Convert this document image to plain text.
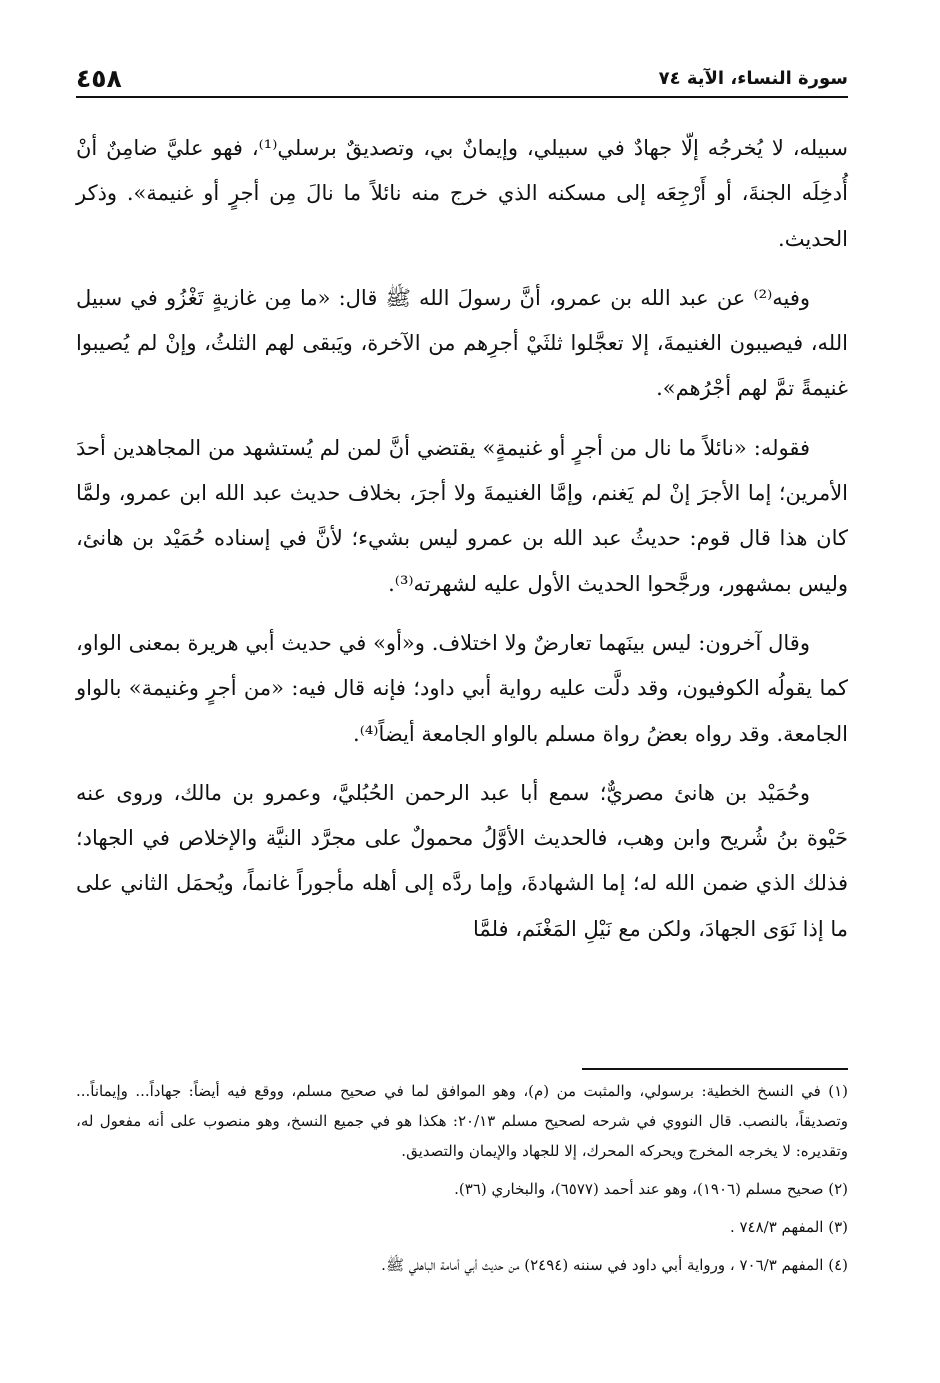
٤٥٨	سورة النساء، الآية ٧٤

سبيله، لا يُخرجُه إلّا جهادٌ في سبيلي، وإيمانٌ بي، وتصديقٌ برسلي⁽¹⁾، فهو عليَّ ضامِنٌ أنْ أُدخِلَه الجنةَ، أو أَرْجِعَه إلى مسكنه الذي خرج منه نائلاً ما نالَ مِن أجرٍ أو غنيمة». وذكر الحديث.

وفيه⁽²⁾ عن عبد الله بن عمرو، أنَّ رسولَ الله ﷺ قال: «ما مِن غازيةٍ تَغْزُو في سبيل الله، فيصيبون الغنيمةَ، إلا تعجَّلوا ثلثَيْ أجرِهم من الآخرة، ويَبقى لهم الثلثُ، وإنْ لم يُصيبوا غنيمةً تمَّ لهم أجْرُهم».

فقوله: «نائلاً ما نال من أجرٍ أو غنيمةٍ» يقتضي أنَّ لمن لم يُستشهد من المجاهدين أحدَ الأمرين؛ إما الأجرَ إنْ لم يَغنم، وإمَّا الغنيمةَ ولا أجرَ، بخلاف حديث عبد الله ابن عمرو، ولمَّا كان هذا قال قوم: حديثُ عبد الله بن عمرو ليس بشيء؛ لأنَّ في إسناده حُمَيْد بن هانئ، وليس بمشهور، ورجَّحوا الحديث الأول عليه لشهرته⁽³⁾.

وقال آخرون: ليس بينَهما تعارضٌ ولا اختلاف. و«أو» في حديث أبي هريرة بمعنى الواو، كما يقولُه الكوفيون، وقد دلَّت عليه رواية أبي داود؛ فإنه قال فيه: «من أجرٍ وغنيمة» بالواو الجامعة. وقد رواه بعضُ رواة مسلم بالواو الجامعة أيضاً⁽⁴⁾.

وحُمَيْد بن هانئ مصريٌّ؛ سمع أبا عبد الرحمن الحُبُليَّ، وعمرو بن مالك، وروى عنه حَيْوة بنُ شُريح وابن وهب، فالحديث الأوَّلُ محمولٌ على مجرَّد النيَّة والإخلاص في الجهاد؛ فذلك الذي ضمن الله له؛ إما الشهادةَ، وإما ردَّه إلى أهله مأجوراً غانماً، ويُحمَل الثاني على ما إذا نَوَى الجهادَ، ولكن مع نَيْلِ المَغْنَم، فلمَّا

(١) في النسخ الخطية: برسولي، والمثبت من (م)، وهو الموافق لما في صحيح مسلم، ووقع فيه أيضاً: جهاداً... وإيماناً... وتصديقاً، بالنصب. قال النووي في شرحه لصحيح مسلم ٢٠/١٣: هكذا هو في جميع النسخ، وهو منصوب على أنه مفعول له، وتقديره: لا يخرجه المخرج ويحركه المحرك، إلا للجهاد والإيمان والتصديق.

(٢) صحيح مسلم (١٩٠٦)، وهو عند أحمد (٦٥٧٧)، والبخاري (٣٦).

(٣) المفهم ٧٤٨/٣ .

(٤) المفهم ٧٠٦/٣ ، ورواية أبي داود في سننه (٢٤٩٤) من حديث أبي أمامة الباهلي ﷺ.
